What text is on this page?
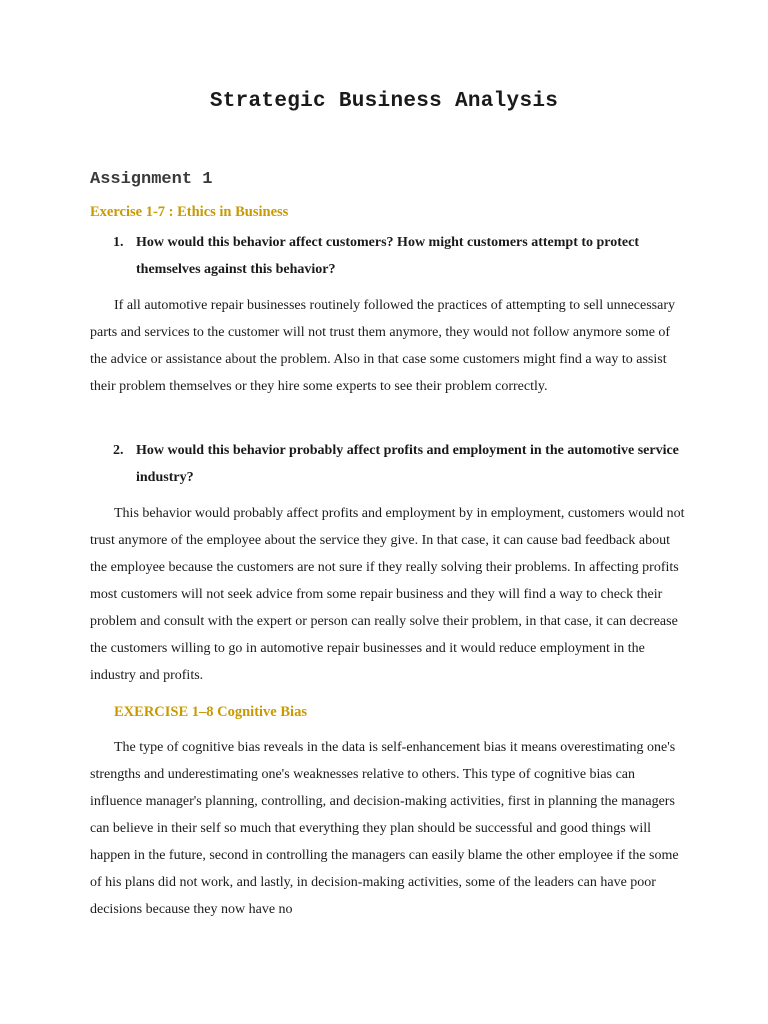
Strategic Business Analysis
Assignment 1
Exercise 1-7 : Ethics in Business
1. How would this behavior affect customers? How might customers attempt to protect themselves against this behavior?

If all automotive repair businesses routinely followed the practices of attempting to sell unnecessary parts and services to the customer will not trust them anymore, they would not follow anymore some of the advice or assistance about the problem. Also in that case some customers might find a way to assist their problem themselves or they hire some experts to see their problem correctly.

2. How would this behavior probably affect profits and employment in the automotive service industry?

This behavior would probably affect profits and employment by in employment, customers would not trust anymore of the employee about the service they give. In that case, it can cause bad feedback about the employee because the customers are not sure if they really solving their problems. In affecting profits most customers will not seek advice from some repair business and they will find a way to check their problem and consult with the expert or person can really solve their problem, in that case, it can decrease the customers willing to go in automotive repair businesses and it would reduce employment in the industry and profits.

EXERCISE 1–8 Cognitive Bias

The type of cognitive bias reveals in the data is self-enhancement bias it means overestimating one's strengths and underestimating one's weaknesses relative to others. This type of cognitive bias can influence manager's planning, controlling, and decision-making activities, first in planning the managers can believe in their self so much that everything they plan should be successful and good things will happen in the future, second in controlling the managers can easily blame the other employee if the some of his plans did not work, and lastly, in decision-making activities, some of the leaders can have poor decisions because they now have no
